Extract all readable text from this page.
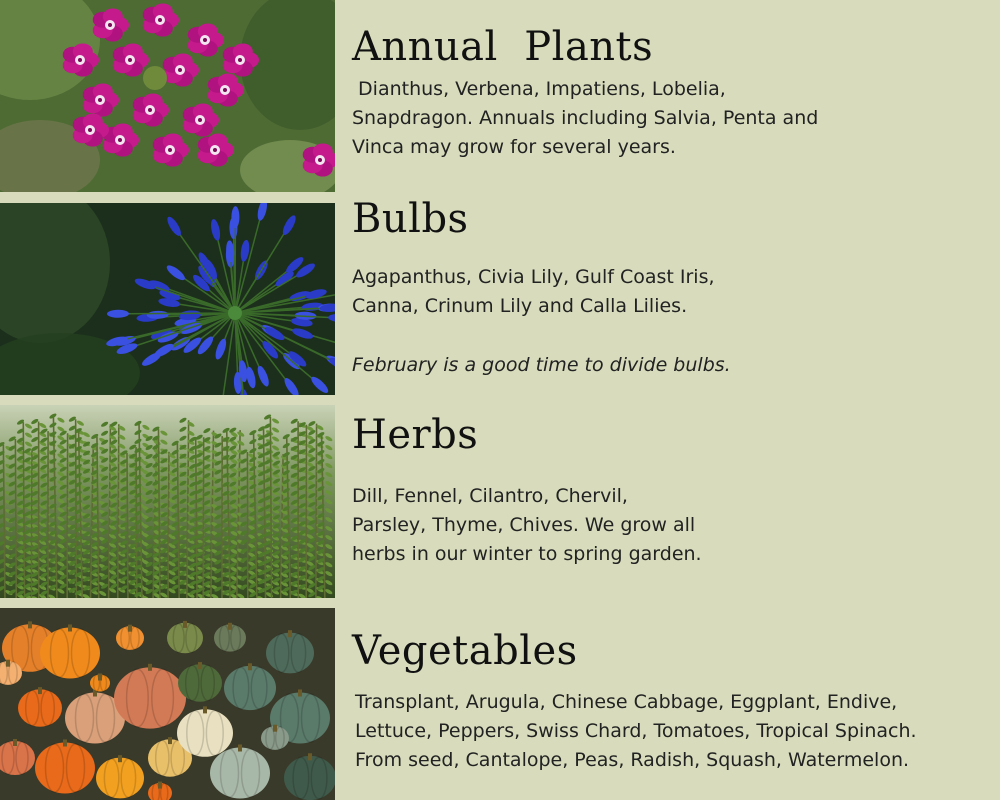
Annual  Plants
Dianthus, Verbena, Impatiens, Lobelia,
Snapdragon. Annuals including Salvia, Penta and
Vinca may grow for several years.
Bulbs
Agapanthus, Civia Lily, Gulf Coast Iris,
Canna, Crinum Lily and Calla Lilies.
February is a good time to divide bulbs.
Herbs
Dill, Fennel, Cilantro, Chervil,
Parsley, Thyme, Chives. We grow all
herbs in our winter to spring garden.
Vegetables
Transplant, Arugula, Chinese Cabbage, Eggplant, Endive,
Lettuce, Peppers, Swiss Chard, Tomatoes, Tropical Spinach.
From seed, Cantalope, Peas, Radish, Squash, Watermelon.
